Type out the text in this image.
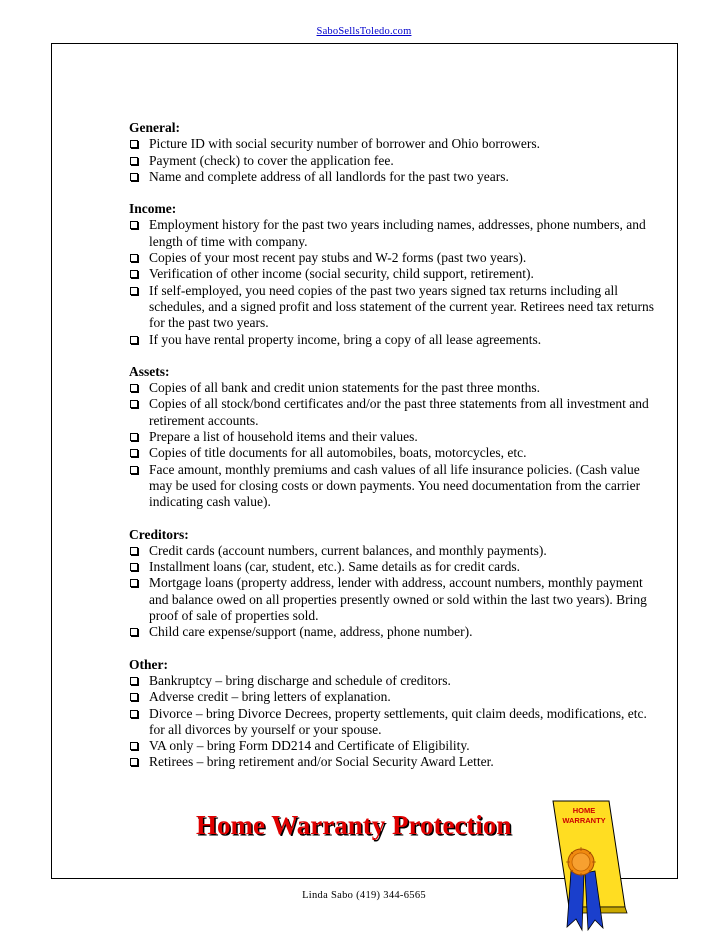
SaboSellsToledo.com
General:
Picture ID with social security number of borrower and Ohio borrowers.
Payment (check) to cover the application fee.
Name and complete address of all landlords for the past two years.
Income:
Employment history for the past two years including names, addresses, phone numbers, and length of time with company.
Copies of your most recent pay stubs and W-2 forms (past two years).
Verification of other income (social security, child support, retirement).
If self-employed, you need copies of the past two years signed tax returns including all schedules, and a signed profit and loss statement of the current year. Retirees need tax returns for the past two years.
If you have rental property income, bring a copy of all lease agreements.
Assets:
Copies of all bank and credit union statements for the past three months.
Copies of all stock/bond certificates and/or the past three statements from all investment and retirement accounts.
Prepare a list of household items and their values.
Copies of title documents for all automobiles, boats, motorcycles, etc.
Face amount, monthly premiums and cash values of all life insurance policies. (Cash value may be used for closing costs or down payments. You need documentation from the carrier indicating cash value).
Creditors:
Credit cards (account numbers, current balances, and monthly payments).
Installment loans (car, student, etc.). Same details as for credit cards.
Mortgage loans (property address, lender with address, account numbers, monthly payment and balance owed on all properties presently owned or sold within the last two years). Bring proof of sale of properties sold.
Child care expense/support (name, address, phone number).
Other:
Bankruptcy – bring discharge and schedule of creditors.
Adverse credit – bring letters of explanation.
Divorce – bring Divorce Decrees, property settlements, quit claim deeds, modifications, etc. for all divorces by yourself or your spouse.
VA only – bring Form DD214 and Certificate of Eligibility.
Retirees – bring retirement and/or Social Security Award Letter.
Home Warranty Protection	HOME
WARRANTY
Linda Sabo (419) 344-6565
